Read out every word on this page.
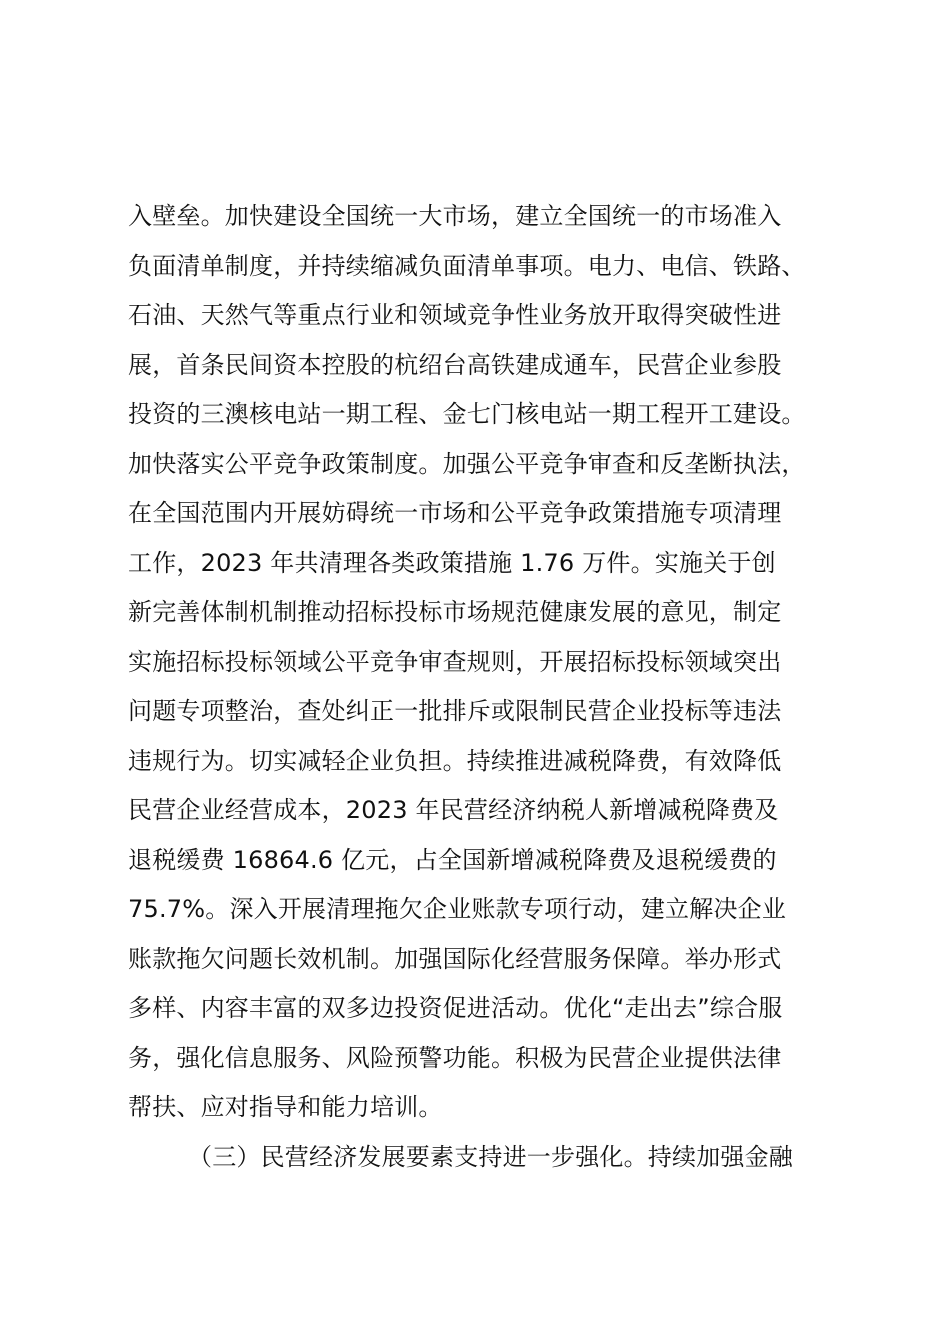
入壁垒。加快建设全国统一大市场，建立全国统一的市场准入
负面清单制度，并持续缩减负面清单事项。电力、电信、铁路、
石油、天然气等重点行业和领域竞争性业务放开取得突破性进
展，首条民间资本控股的杭绍台高铁建成通车，民营企业参股
投资的三澳核电站一期工程、金七门核电站一期工程开工建设。
加快落实公平竞争政策制度。加强公平竞争审查和反垄断执法，
在全国范围内开展妨碍统一市场和公平竞争政策措施专项清理
工作，2023 年共清理各类政策措施 1.76 万件。实施关于创
新完善体制机制推动招标投标市场规范健康发展的意见，制定
实施招标投标领域公平竞争审查规则，开展招标投标领域突出
问题专项整治，查处纠正一批排斥或限制民营企业投标等违法
违规行为。切实减轻企业负担。持续推进减税降费，有效降低
民营企业经营成本，2023 年民营经济纳税人新增减税降费及
退税缓费 16864.6 亿元，占全国新增减税降费及退税缓费的
75.7%。深入开展清理拖欠企业账款专项行动，建立解决企业
账款拖欠问题长效机制。加强国际化经营服务保障。举办形式
多样、内容丰富的双多边投资促进活动。优化“走出去”综合服
务，强化信息服务、风险预警功能。积极为民营企业提供法律
帮扶、应对指导和能力培训。
（三）民营经济发展要素支持进一步强化。持续加强金融
